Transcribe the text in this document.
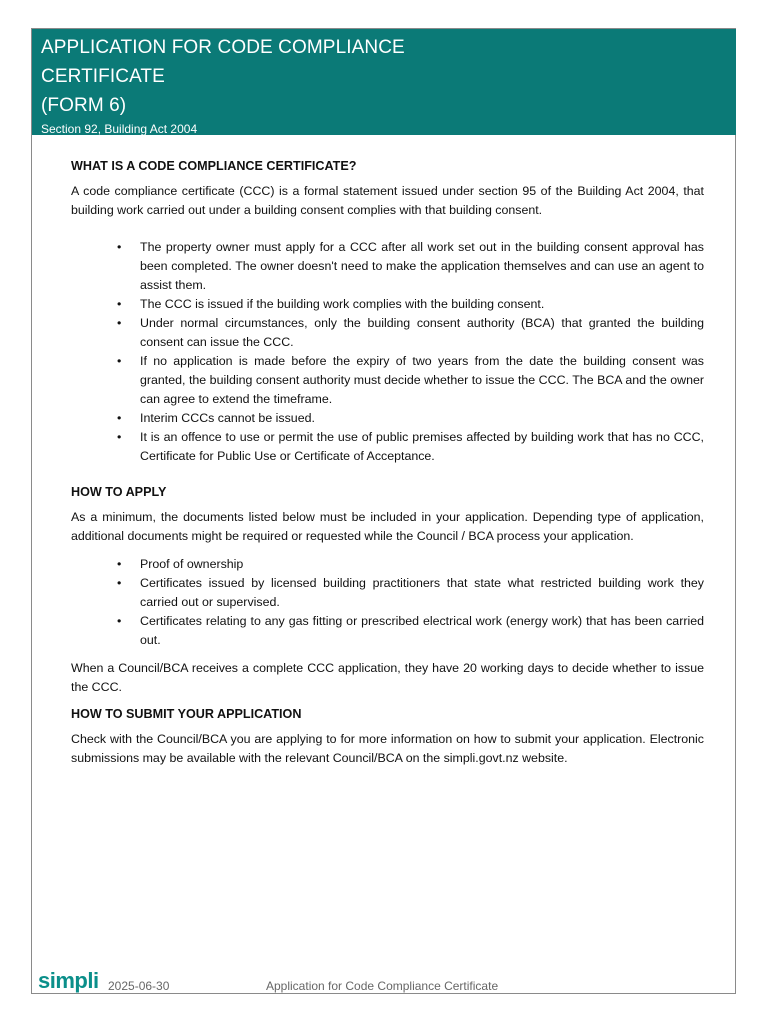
APPLICATION FOR CODE COMPLIANCE
CERTIFICATE
(FORM 6)
Section 92, Building Act 2004
WHAT IS A CODE COMPLIANCE CERTIFICATE?

A code compliance certificate (CCC) is a formal statement issued under section 95 of the Building Act 2004, that building work carried out under a building consent complies with that building consent.

• The property owner must apply for a CCC after all work set out in the building consent approval has been completed. The owner doesn't need to make the application themselves and can use an agent to assist them.
• The CCC is issued if the building work complies with the building consent.
• Under normal circumstances, only the building consent authority (BCA) that granted the building consent can issue the CCC.
• If no application is made before the expiry of two years from the date the building consent was granted, the building consent authority must decide whether to issue the CCC. The BCA and the owner can agree to extend the timeframe.
• Interim CCCs cannot be issued.
• It is an offence to use or permit the use of public premises affected by building work that has no CCC, Certificate for Public Use or Certificate of Acceptance.
HOW TO APPLY

As a minimum, the documents listed below must be included in your application. Depending type of application, additional documents might be required or requested while the Council / BCA process your application.

• Proof of ownership
• Certificates issued by licensed building practitioners that state what restricted building work they carried out or supervised.
• Certificates relating to any gas fitting or prescribed electrical work (energy work) that has been carried out.

When a Council/BCA receives a complete CCC application, they have 20 working days to decide whether to issue the CCC.

HOW TO SUBMIT YOUR APPLICATION

Check with the Council/BCA you are applying to for more information on how to submit your application. Electronic submissions may be available with the relevant Council/BCA on the simpli.govt.nz website.

simpli 2025-06-30	Application for Code Compliance Certificate
